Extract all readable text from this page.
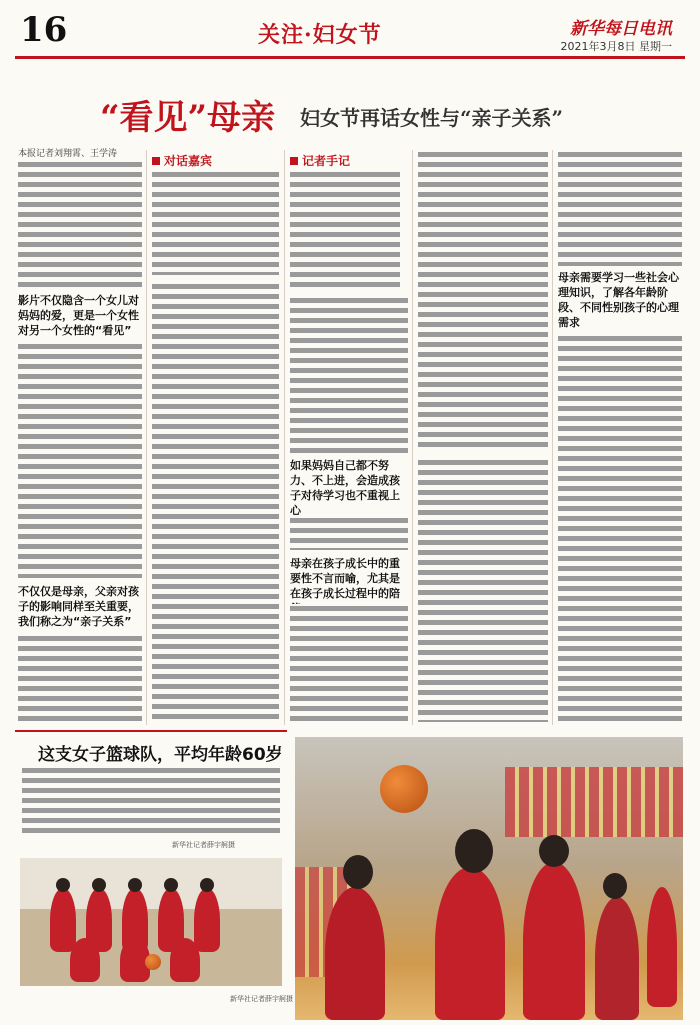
16	关注·妇女节	新华每日电讯
2021年3月8日 星期一
“看见”母亲 妇女节再话女性与“亲子关系”
本报记者刘翔霄、王学涛
影片不仅隐含一个女儿对妈妈的爱，更是一个女性对另一个女性的“看见”
不仅仅是母亲，父亲对孩子的影响同样至关重要，我们称之为“亲子关系”
对话嘉宾	记者手记
母亲在孩子成长中的重要性不言而喻，尤其是在孩子成长过程中的陪
如果妈妈自己都不努力、不上进，会造成孩子对待学习也不重视上心
母亲需要学习一些社会心理知识，了解各年龄阶段、不同性别孩子的心理需求
这支女子篮球队，平均年龄60岁
新华社记者薛宇舸摄
新华社记者薛宇舸摄
